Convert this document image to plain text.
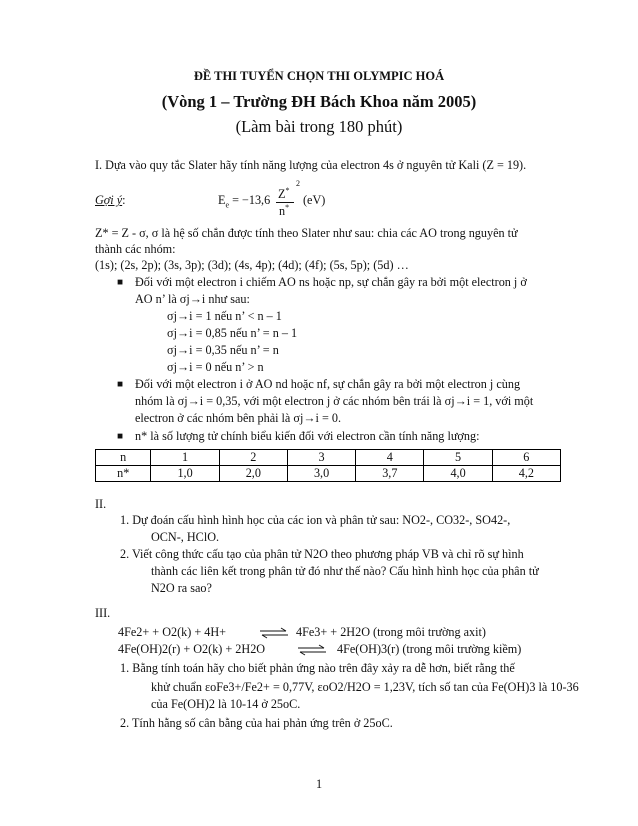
ĐỀ THI TUYỂN CHỌN THI OLYMPIC HOÁ
(Vòng 1 – Trường ĐH Bách Khoa năm 2005)
(Làm bài trong 180 phút)
I. Dựa vào quy tắc Slater hãy tính năng lượng của electron 4s ở nguyên tử Kali (Z = 19).
Gợi ý:	$E_e = -13,6$ Z*
2
n*
(eV)
Z* = Z - σ, σ là hệ số chắn được tính theo Slater như sau: chia các AO trong nguyên tử
thành các nhóm:
(1s); (2s, 2p); (3s, 3p); (3d); (4s, 4p); (4d); (4f); (5s, 5p); (5d) …
■ Đối với một electron i chiếm AO ns hoặc np, sự chắn gây ra bởi một electron j ở
AO n’ là σj→i như sau:
σj→i = 1 nếu n’ < n – 1
σj→i = 0,85 nếu n’ = n – 1
σj→i = 0,35 nếu n’ = n
σj→i = 0 nếu n’ > n
■ Đối với một electron i ở AO nd hoặc nf, sự chắn gây ra bởi một electron j cùng
nhóm là σj→i = 0,35, với một electron j ở các nhóm bên trái là σj→i = 1, với một
electron ở các nhóm bên phải là σj→i = 0.
■ n* là số lượng tử chính biểu kiến đối với electron cần tính năng lượng:
n	1	2	3	4	5	6
n*	1,0	2,0	3,0	3,7	4,0	4,2
II.
1. Dự đoán cấu hình hình học của các ion và phân tử sau: NO2-, CO32-, SO42-,
OCN-, HClO.
2. Viết công thức cấu tạo của phân tử N2O theo phương pháp VB và chỉ rõ sự hình
thành các liên kết trong phân tử đó như thế nào? Cấu hình hình học của phân tử
N2O ra sao?
III.
4Fe2+ + O2(k) + 4H+ ⇌ 4Fe3+ + 2H2O (trong môi trường axit)
4Fe(OH)2(r) + O2(k) + 2H2O ⇌ 4Fe(OH)3(r) (trong môi trường kiềm)
1. Bằng tính toán hãy cho biết phản ứng nào trên đây xảy ra dễ hơn, biết rằng thế
khử chuẩn εoFe3+/Fe2+ = 0,77V, εoO2/H2O = 1,23V, tích số tan của Fe(OH)3 là 10-36
của Fe(OH)2 là 10-14 ở 25oC.
2. Tính hằng số cân bằng của hai phản ứng trên ở 25oC.
1
